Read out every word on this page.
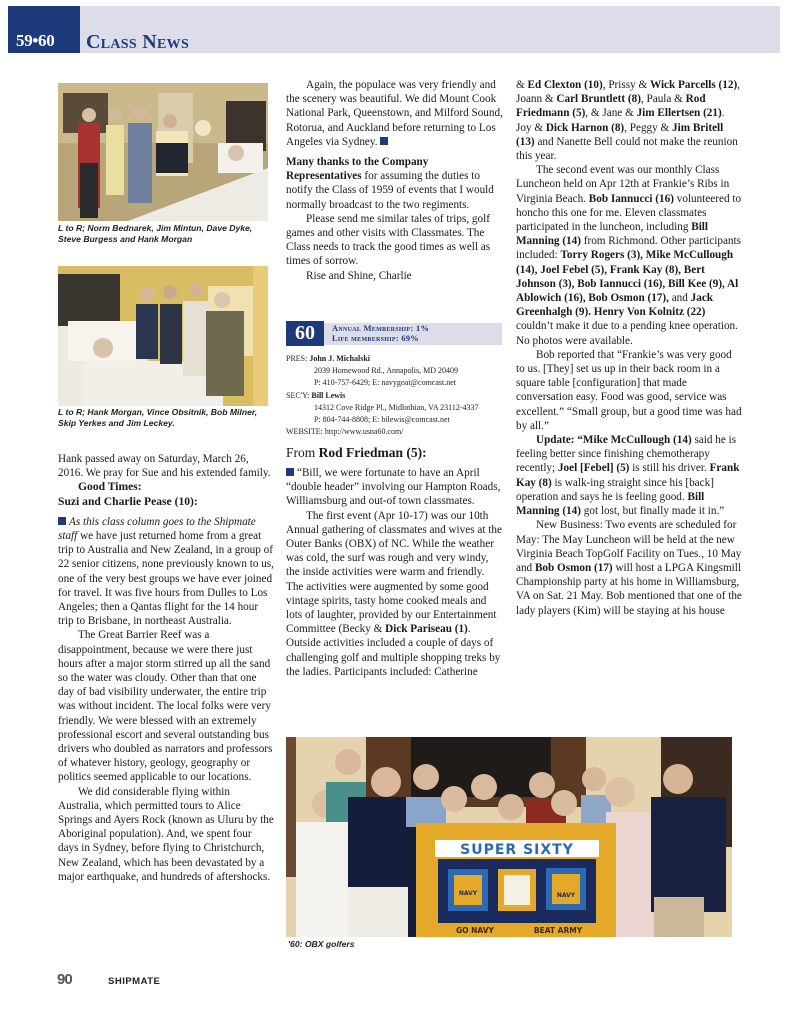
59•60 Class News
L to R; Norm Bednarek, Jim Mintun, Dave Dyke, Steve Burgess and Hank Morgan
L to R; Hank Morgan, Vince Obsitnik, Bob Milner, Skip Yerkes and Jim Leckey.

Hank passed away on Saturday, March 26, 2016. We pray for Sue and his extended family.

Good Times:

Suzi and Charlie Pease (10):

As this class column goes to the Shipmate staff we have just returned home from a great trip to Australia and New Zealand, in a group of 22 senior citizens, none previously known to us, one of the very best groups we have ever joined for travel. It was five hours from Dulles to Los Angeles; then a Qantas flight for the 14 hour trip to Brisbane, in northeast Australia.

The Great Barrier Reef was a disappointment, because we were there just hours after a major storm stirred up all the sand so the water was cloudy. Other than that one day of bad visibility underwater, the entire trip was without incident. The local folks were very friendly. We were blessed with an extremely professional escort and several outstanding bus drivers who doubled as narrators and professors of whatever history, geology, geography or politics seemed applicable to our locations.

We did considerable flying within Australia, which permitted tours to Alice Springs and Ayers Rock (known as Uluru by the Aboriginal population). And, we spent four days in Sydney, before flying to Christchurch, New Zealand, which has been devastated by a major earthquake, and hundreds of aftershocks.

Again, the populace was very friendly and the scenery was beautiful. We did Mount Cook National Park, Queenstown, and Milford Sound, Rotorua, and Auckland before returning to Los Angeles via Sydney.

Many thanks to the Company Representatives for assuming the duties to notify the Class of 1959 of events that I would normally broadcast to the two regiments.

Please send me similar tales of trips, golf games and other visits with Classmates. The Class needs to track the good times as well as times of sorrow.

Rise and Shine, Charlie

60	Annual Membership: 1%
Life membership: 69%
PRES: John J. Michalski
2039 Homewood Rd., Annapolis, MD 20409
P: 410-757-6429; E: navygoat@comcast.net
SEC'Y: Bill Lewis
14312 Cove Ridge Pl., Midlothian, VA 23112-4337
P: 804-744-8808; E: bilewis@comcast.net
WEBSITE: http://www.usna60.com/

From Rod Friedman (5):

“Bill, we were fortunate to have an April “double header” involving our Hampton Roads, Williamsburg and out-of town classmates.

The first event (Apr 10-17) was our 10th Annual gathering of classmates and wives at the Outer Banks (OBX) of NC. While the weather was cold, the surf was rough and very windy, the inside activities were warm and friendly. The activities were augmented by some good vintage spirits, tasty home cooked meals and lots of laughter, provided by our Entertainment Committee (Becky & Dick Pariseau (1). Outside activities included a couple of days of challenging golf and multiple shopping treks by the ladies. Participants included: Catherine

& Ed Clexton (10), Prissy & Wick Parcells (12), Joann & Carl Bruntlett (8), Paula & Rod Friedmann (5), & Jane & Jim Ellertsen (21). Joy & Dick Harnon (8), Peggy & Jim Britell (13) and Nanette Bell could not make the reunion this year.

The second event was our monthly Class Luncheon held on Apr 12th at Frankie’s Ribs in Virginia Beach. Bob Iannucci (16) volunteered to honcho this one for me. Eleven classmates participated in the luncheon, including Bill Manning (14) from Richmond. Other participants included: Torry Rogers (3), Mike McCullough (14), Joel Febel (5), Frank Kay (8), Bert Johnson (3), Bob Iannucci (16), Bill Kee (9), Al Ablowich (16), Bob Osmon (17), and Jack Greenhalgh (9). Henry Von Kolnitz (22) couldn’t make it due to a pending knee operation. No photos were available.

Bob reported that “Frankie’s was very good to us. [They] set us up in their back room in a square table [configuration] that made conversation easy. Food was good, service was excellent.” “Small group, but a good time was had by all.”

Update: “Mike McCullough (14) said he is feeling better since finishing chemotherapy recently; Joel [Febel] (5) is still his driver. Frank Kay (8) is walk-ing straight since his [back] operation and says he is feeling good. Bill Manning (14) got lost, but finally made it in.”

New Business: Two events are scheduled for May: The May Luncheon will be held at the new Virginia Beach TopGolf Facility on Tues., 10 May and Bob Osmon (17) will host a LPGA Kingsmill Championship party at his home in Williamsburg, VA on Sat. 21 May. Bob mentioned that one of the lady players (Kim) will be staying at his house

SUPER SIXTY
GO NAVY	BEAT ARMY
NAVY	NAVY
'60: OBX golfers
90	SHIPMATE
